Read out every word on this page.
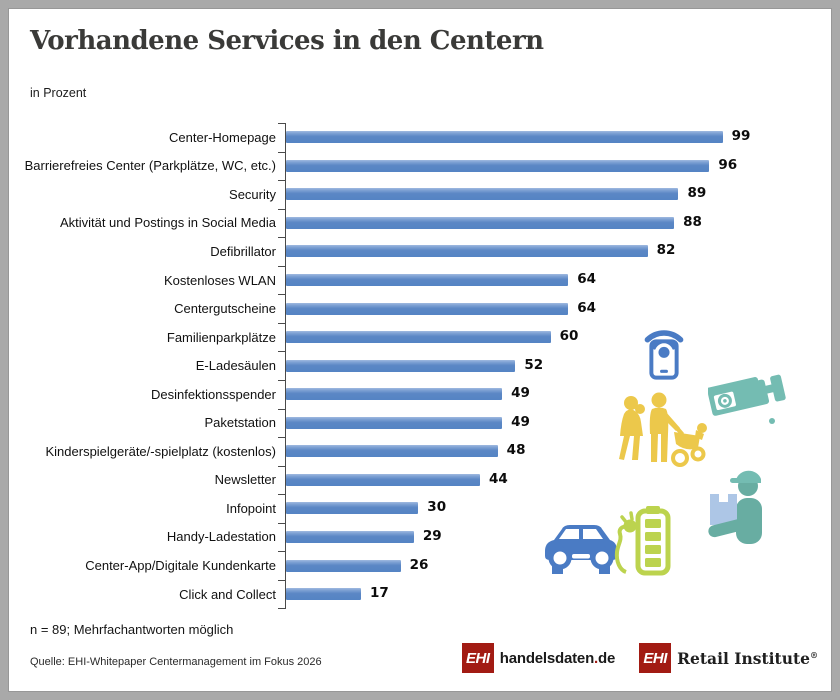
Vorhandene Services in den Centern
in Prozent
Center-Homepage	99
Barrierefreies Center (Parkplätze, WC, etc.)	96
Security	89
Aktivität und Postings in Social Media	88
Defibrillator	82
Kostenloses WLAN	64
Centergutscheine	64
Familienparkplätze	60
E-Ladesäulen	52
Desinfektionsspender	49
Paketstation	49
Kinderspielgeräte/-spielplatz (kostenlos)	48
Newsletter	44
Infopoint	30
Handy-Ladestation	29
Center-App/Digitale Kundenkarte	26
Click and Collect	17
n = 89; Mehrfachantworten möglich
Quelle: EHI-Whitepaper Centermanagement im Fokus 2026	EHI handelsdaten.de EHI Retail Institute®
